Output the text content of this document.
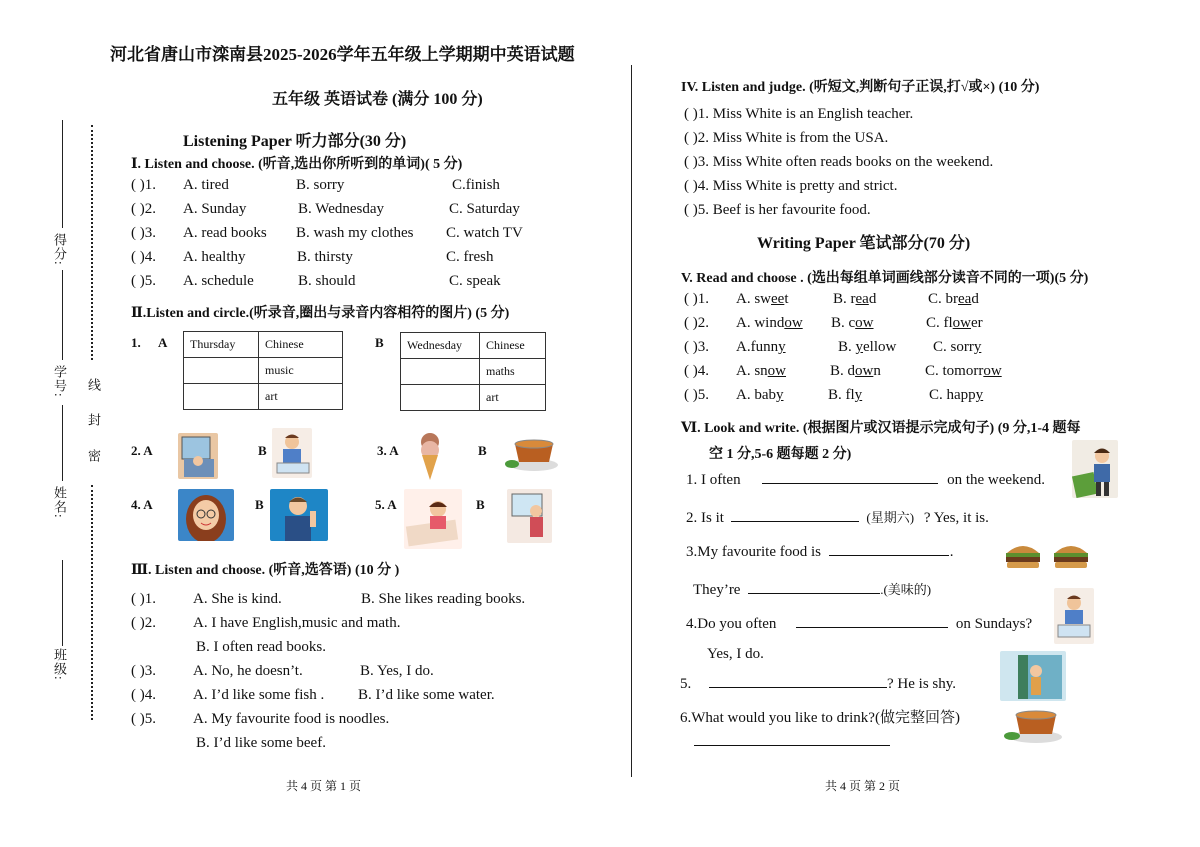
得分:
学号:
姓名:
班级:
线
封
密
河北省唐山市滦南县2025-2026学年五年级上学期期中英语试题
五年级 英语试卷 (满分 100 分)
Listening Paper 听力部分(30 分)
Ⅰ. Listen and choose. (听音,选出你所听到的单词)( 5 分)
( )1. A. tired	B. sorry	C.finish
( )2. A. Sunday	B. Wednesday	C. Saturday
( )3. A. read books B. wash my clothes C. watch TV
( )4. A. healthy	B. thirsty	C. fresh
( )5. A. schedule	B. should	C. speak
Ⅱ.Listen and circle.(听录音,圈出与录音内容相符的图片) (5 分)
1. A Thursday	Chinese
	music
	art
B Wednesday	Chinese
	maths
	art
2. A	B	3. A	B
4. A	B	5. A	B
Ⅲ. Listen and choose. (听音,选答语) (10 分 )
( )1. A. She is kind.	B. She likes reading books.
( )2. A. I have English,music and math.
B. I often read books.
( )3. A. No, he doesn’t.	B. Yes, I do.
( )4. A. I’d like some fish . B. I’d like some water.
( )5. A. My favourite food is noodles.
B. I’d like some beef.
共 4 页 第 1 页
IV. Listen and judge. (听短文,判断句子正误,打√或×) (10 分)
( )1. Miss White is an English teacher.
( )2. Miss White is from the USA.
( )3. Miss White often reads books on the weekend.
( )4. Miss White is pretty and strict.
( )5. Beef is her favourite food.
Writing Paper 笔试部分(70 分)
V. Read and choose . (选出每组单词画线部分读音不同的一项)(5 分)
( )1. A. sweet	B. read	C. bread
( )2. A. window B. cow	C. flower
( )3. A.funny	B. yellow C. sorry
( )4. A. snow	B. down	C. tomorrow
( )5. A. baby	B. fly	C. happy
Ⅵ. Look and write. (根据图片或汉语提示完成句子) (9 分,1-4 题每
空 1 分,5-6 题每题 2 分)
1. I often	on the weekend.
2. Is it	(星期六) ? Yes, it is.
3.My favourite food is	.
They’re	.(美味的)
4.Do you often	on Sundays?
Yes, I do.
5.	? He is shy.
6.What would you like to drink?(做完整回答)
共 4 页 第 2 页
